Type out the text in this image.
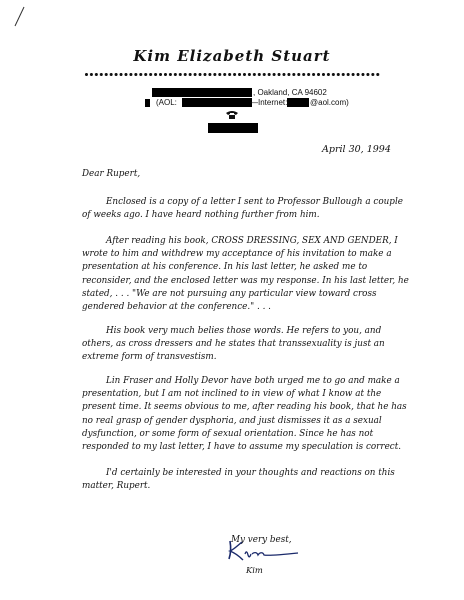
Kim Elizabeth Stuart
, Oakland, CA 94602
(AOL:	—Internet:	@aol.com)
April 30, 1994
Dear Rupert,

Enclosed is a copy of a letter I sent to Professor Bullough a couple of weeks ago. I have heard nothing further from him.

After reading his book, CROSS DRESSING, SEX AND GENDER, I wrote to him and withdrew my acceptance of his invitation to make a presentation at his conference. In his last letter, he asked me to reconsider, and the enclosed letter was my response. In his last letter, he stated, . . . "We are not pursuing any particular view toward cross gendered behavior at the conference." . . .

His book very much belies those words. He refers to you, and others, as cross dressers and he states that transsexuality is just an extreme form of transvestism.

Lin Fraser and Holly Devor have both urged me to go and make a presentation, but I am not inclined to in view of what I know at the present time. It seems obvious to me, after reading his book, that he has no real grasp of gender dysphoria, and just dismisses it as a sexual dysfunction, or some form of sexual orientation. Since he has not responded to my last letter, I have to assume my speculation is correct.

I'd certainly be interested in your thoughts and reactions on this matter, Rupert.

My very best,
Kim
